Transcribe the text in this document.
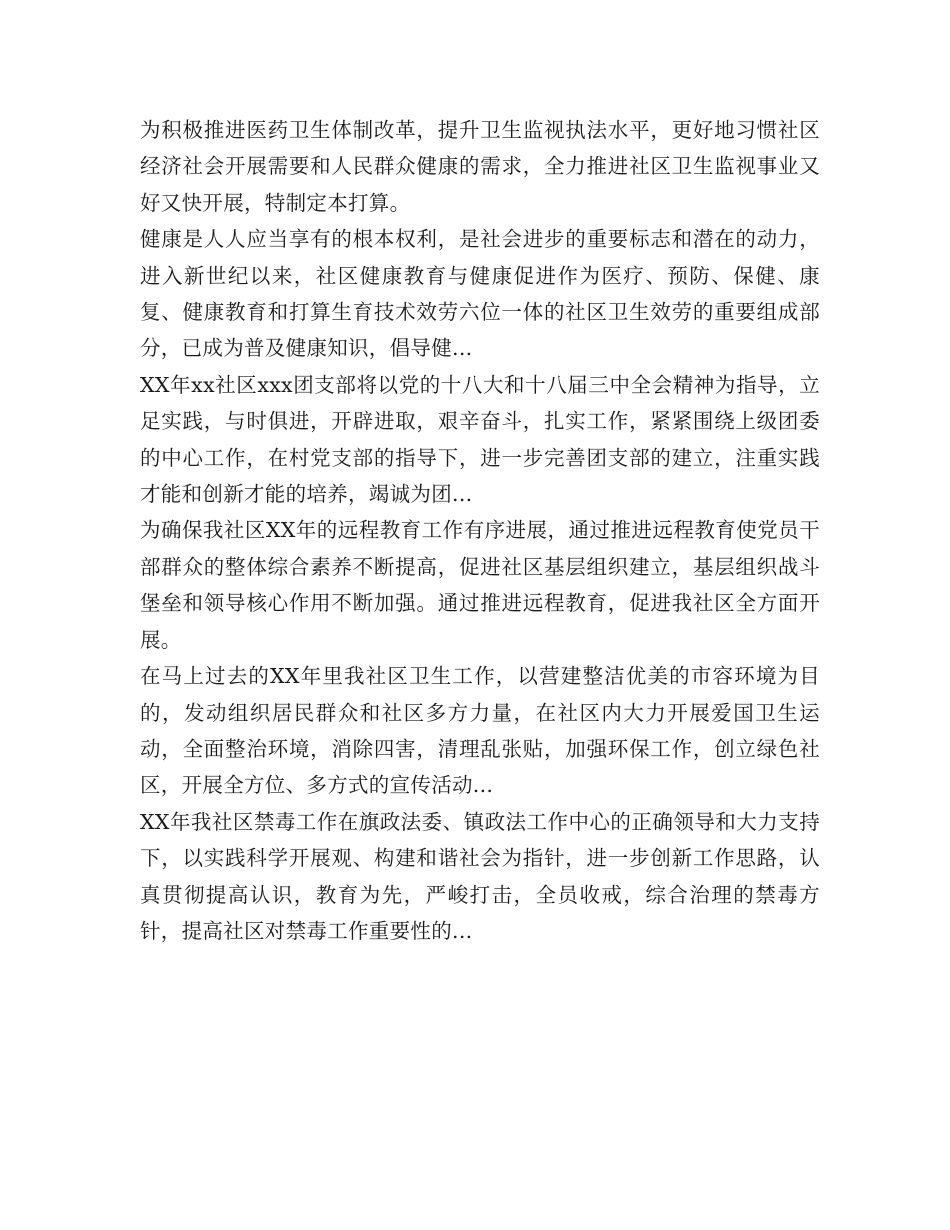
为积极推进医药卫生体制改革，提升卫生监视执法水平，更好地习惯社区经济社会开展需要和人民群众健康的需求，全力推进社区卫生监视事业又好又快开展，特制定本打算。

健康是人人应当享有的根本权利，是社会进步的重要标志和潜在的动力，进入新世纪以来，社区健康教育与健康促进作为医疗、预防、保健、康复、健康教育和打算生育技术效劳六位一体的社区卫生效劳的重要组成部分，已成为普及健康知识，倡导健...

XX年xx社区xxx团支部将以党的十八大和十八届三中全会精神为指导，立足实践，与时俱进，开辟进取，艰辛奋斗，扎实工作，紧紧围绕上级团委的中心工作，在村党支部的指导下，进一步完善团支部的建立，注重实践才能和创新才能的培养，竭诚为团...

为确保我社区XX年的远程教育工作有序进展，通过推进远程教育使党员干部群众的整体综合素养不断提高，促进社区基层组织建立，基层组织战斗堡垒和领导核心作用不断加强。通过推进远程教育，促进我社区全方面开展。

在马上过去的XX年里我社区卫生工作，以营建整洁优美的市容环境为目的，发动组织居民群众和社区多方力量，在社区内大力开展爱国卫生运动，全面整治环境，消除四害，清理乱张贴，加强环保工作，创立绿色社区，开展全方位、多方式的宣传活动...

XX年我社区禁毒工作在旗政法委、镇政法工作中心的正确领导和大力支持下，以实践科学开展观、构建和谐社会为指针，进一步创新工作思路，认真贯彻提高认识，教育为先，严峻打击，全员收戒，综合治理的禁毒方针，提高社区对禁毒工作重要性的...
